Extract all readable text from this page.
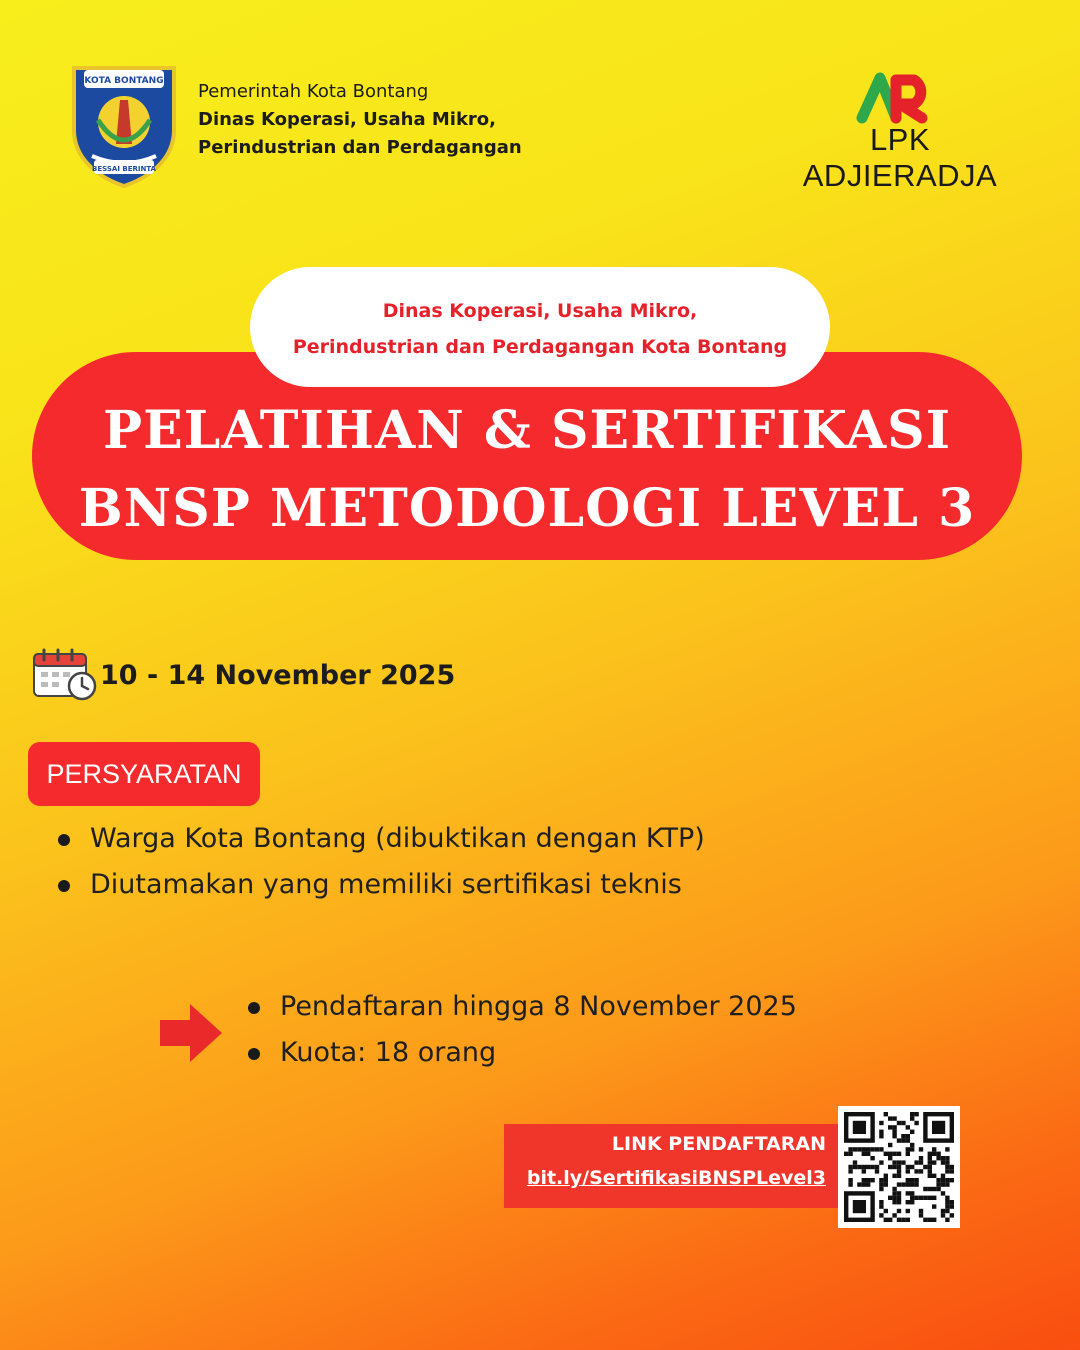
KOTA BONTANG
BESSAI BERINTA
Pemerintah Kota Bontang
Dinas Koperasi, Usaha Mikro,
Perindustrian dan Perdagangan	LPK ADJIERADJA
Dinas Koperasi, Usaha Mikro,
Perindustrian dan Perdagangan Kota Bontang
PELATIHAN & SERTIFIKASI
BNSP METODOLOGI LEVEL 3
10 - 14 November 2025
PERSYARATAN
Warga Kota Bontang (dibuktikan dengan KTP)
Diutamakan yang memiliki sertifikasi teknis
Pendaftaran hingga 8 November 2025
Kuota: 18 orang
LINK PENDAFTARAN
bit.ly/SertifikasiBNSPLevel3
